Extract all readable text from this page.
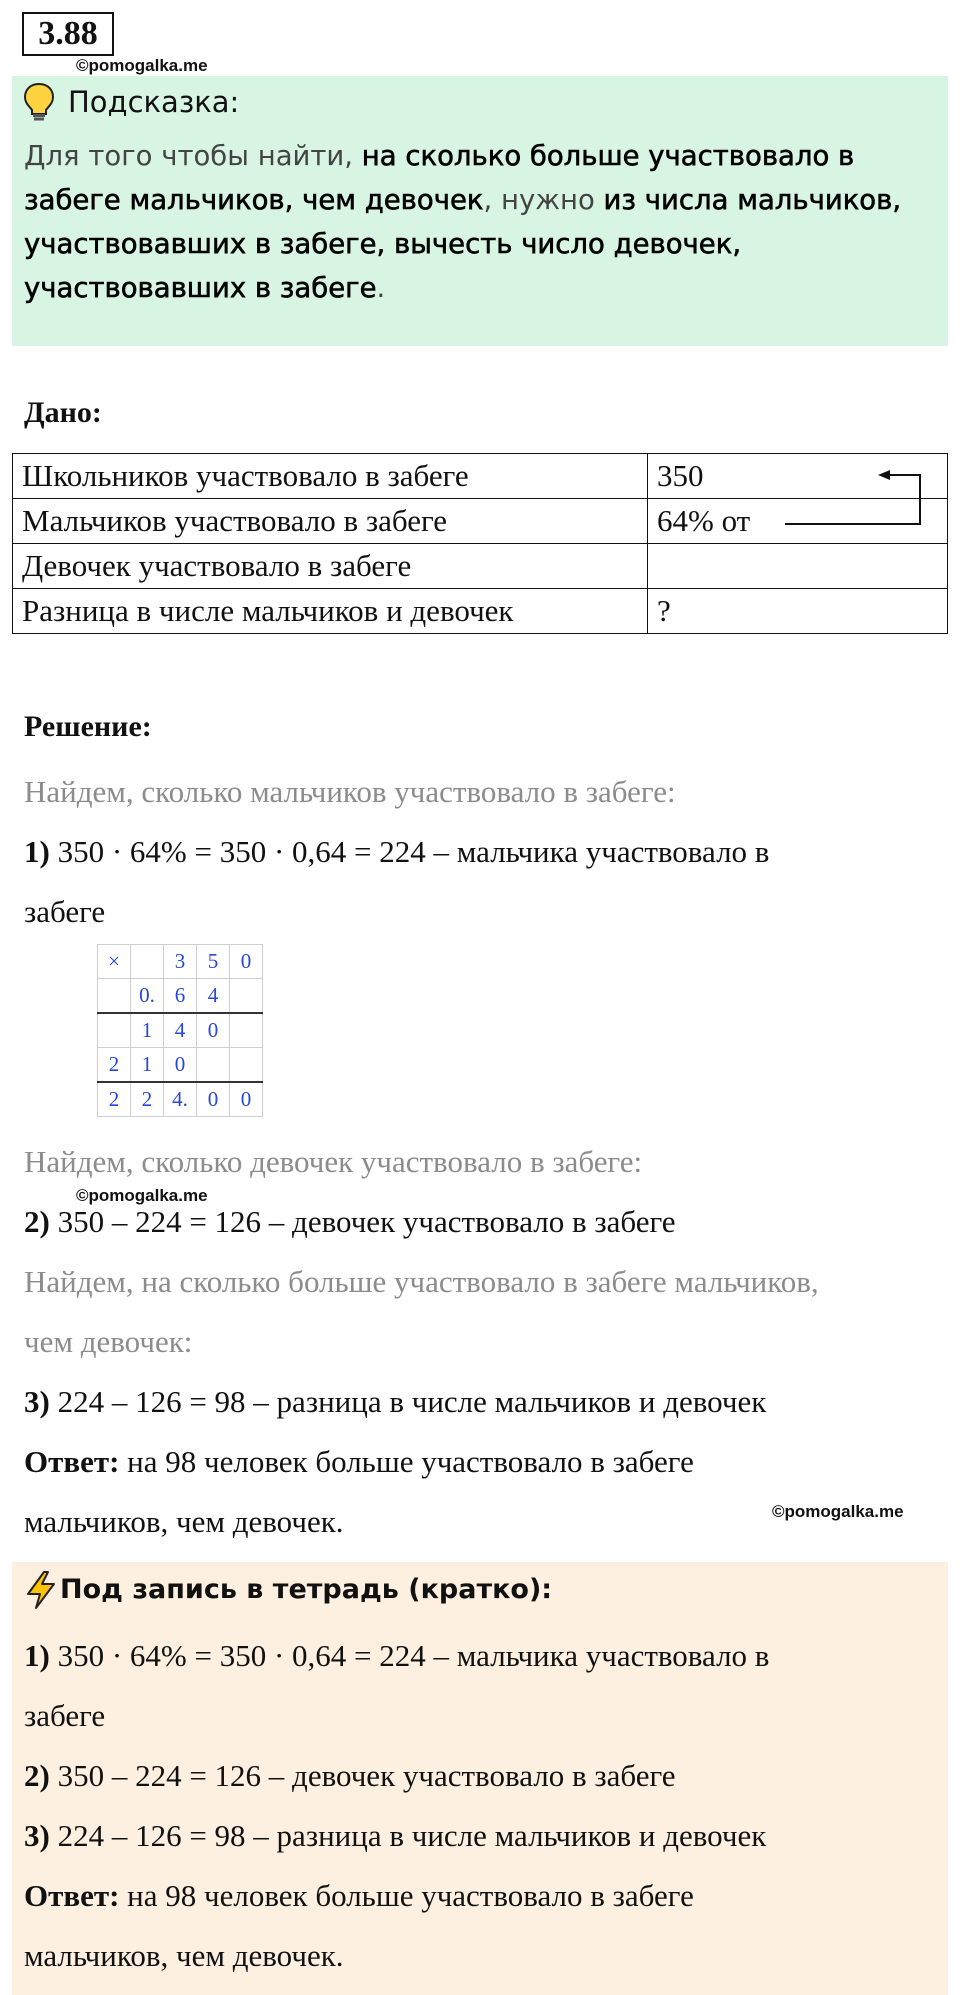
3.88
©pomogalka.me
Подсказка:
Для того чтобы найти, на сколько больше участвовало в забеге мальчиков, чем девочек, нужно из числа мальчиков, участвовавших в забеге, вычесть число девочек, участвовавших в забеге.
Дано:
Школьников участвовало в забеге	350
Мальчиков участвовало в забеге	64% от
Девочек участвовало в забеге	
Разница в числе мальчиков и девочек	?
Решение:
Найдем, сколько мальчиков участвовало в забеге:
1) 350 · 64% = 350 · 0,64 = 224 – мальчика участвовало в
забеге
×		3	5	0
	0.	6	4	
	1	4	0	
2	1	0		
2	2	4.	0	0
Найдем, сколько девочек участвовало в забеге:
©pomogalka.me
2) 350 – 224 = 126 – девочек участвовало в забеге
Найдем, на сколько больше участвовало в забеге мальчиков,
чем девочек:
3) 224 – 126 = 98 – разница в числе мальчиков и девочек
Ответ: на 98 человек больше участвовало в забеге
мальчиков, чем девочек.	©pomogalka.me
Под запись в тетрадь (кратко):
1) 350 · 64% = 350 · 0,64 = 224 – мальчика участвовало в
забеге
2) 350 – 224 = 126 – девочек участвовало в забеге
3) 224 – 126 = 98 – разница в числе мальчиков и девочек
Ответ: на 98 человек больше участвовало в забеге
мальчиков, чем девочек.
